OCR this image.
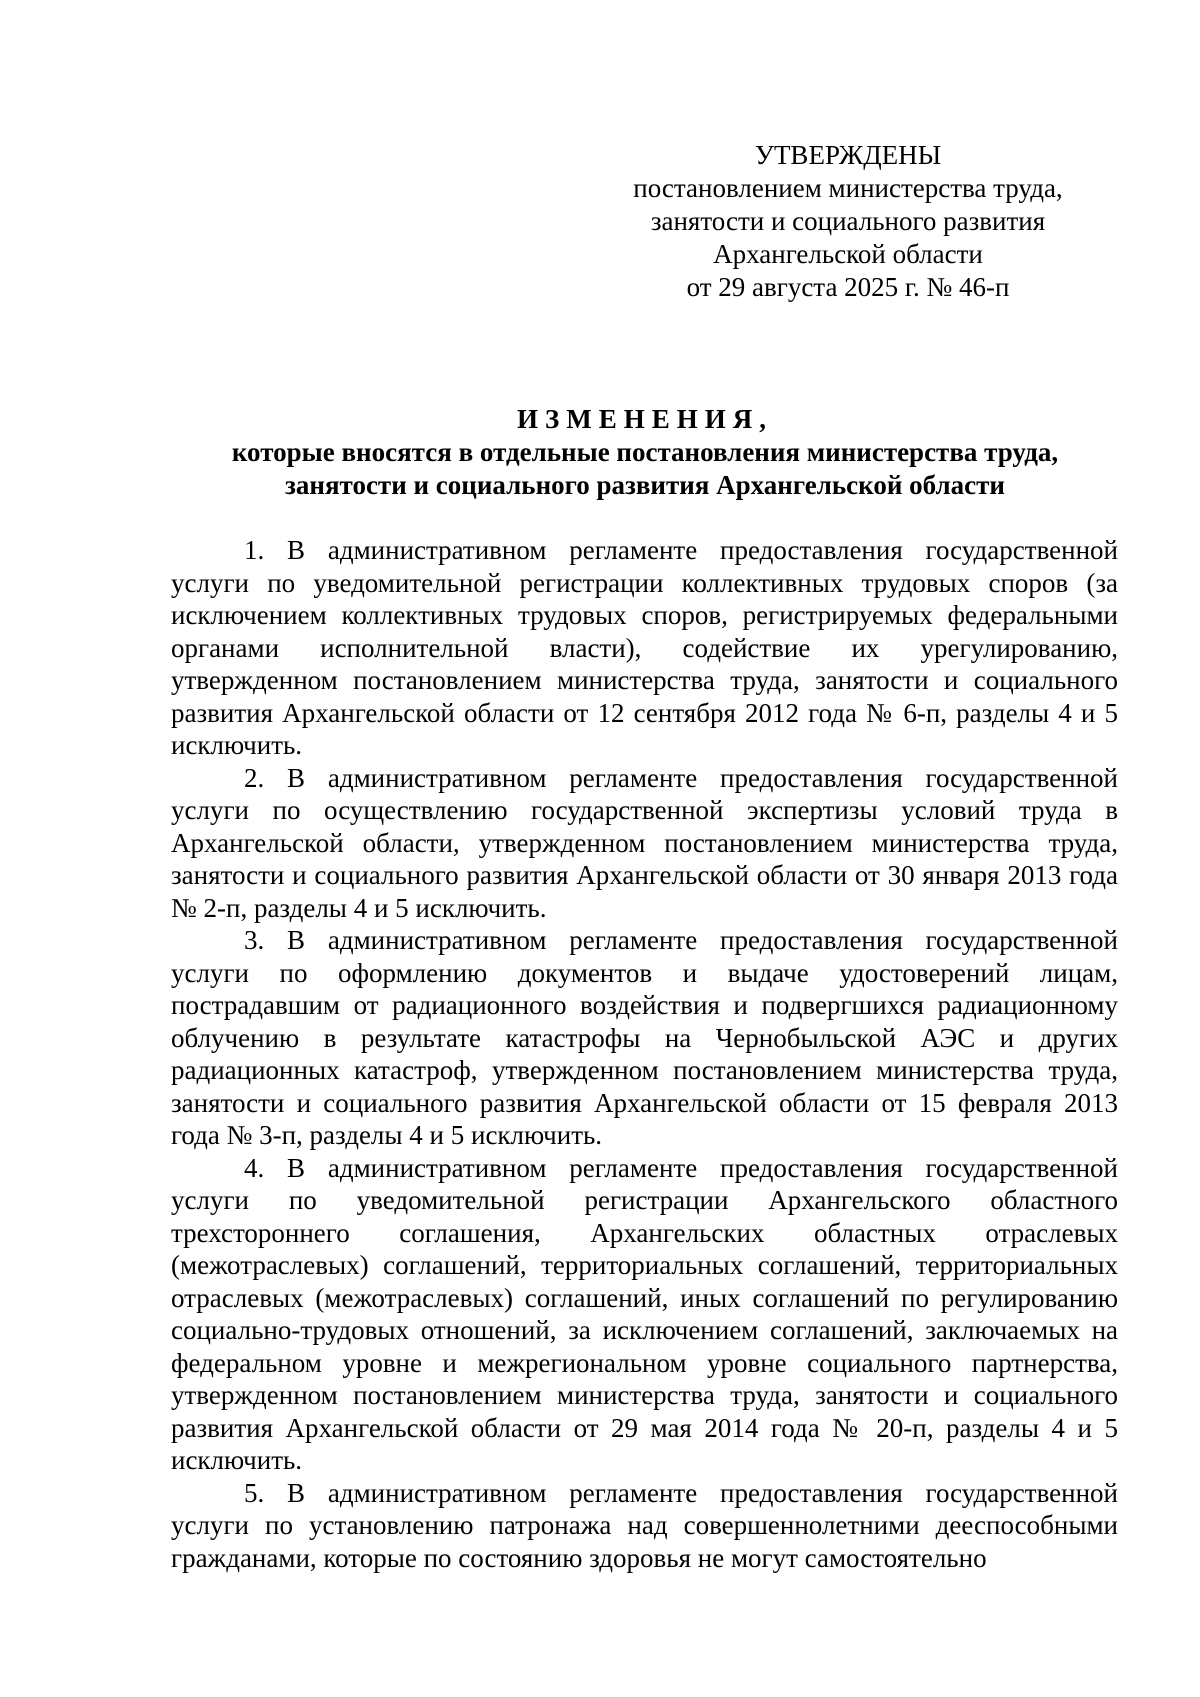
УТВЕРЖДЕНЫ
постановлением министерства труда,
занятости и социального развития
Архангельской области
от 29 августа 2025 г. № 46-п
ИЗМЕНЕНИЯ,
которые вносятся в отдельные постановления министерства труда,
занятости и социального развития Архангельской области

1. В административном регламенте предоставления государственной услуги по уведомительной регистрации коллективных трудовых споров (за исключением коллективных трудовых споров, регистрируемых федеральными органами исполнительной власти), содействие их урегулированию, утвержденном постановлением министерства труда, занятости и социального развития Архангельской области от 12 сентября 2012 года № 6-п, разделы 4 и 5 исключить.

2. В административном регламенте предоставления государственной услуги по осуществлению государственной экспертизы условий труда в Архангельской области, утвержденном постановлением министерства труда, занятости и социального развития Архангельской области от 30 января 2013 года № 2-п, разделы 4 и 5 исключить.

3. В административном регламенте предоставления государственной услуги по оформлению документов и выдаче удостоверений лицам, пострадавшим от радиационного воздействия и подвергшихся радиационному облучению в результате катастрофы на Чернобыльской АЭС и других радиационных катастроф, утвержденном постановлением министерства труда, занятости и социального развития Архангельской области от 15 февраля 2013 года № 3-п, разделы 4 и 5 исключить.

4. В административном регламенте предоставления государственной услуги по уведомительной регистрации Архангельского областного трехстороннего соглашения, Архангельских областных отраслевых (межотраслевых) соглашений, территориальных соглашений, территориальных отраслевых (межотраслевых) соглашений, иных соглашений по регулированию социально-трудовых отношений, за исключением соглашений, заключаемых на федеральном уровне и межрегиональном уровне социального партнерства, утвержденном постановлением министерства труда, занятости и социального развития Архангельской области от 29 мая 2014 года № 20-п, разделы 4 и 5 исключить.

5. В административном регламенте предоставления государственной услуги по установлению патронажа над совершеннолетними дееспособными гражданами, которые по состоянию здоровья не могут самостоятельно
